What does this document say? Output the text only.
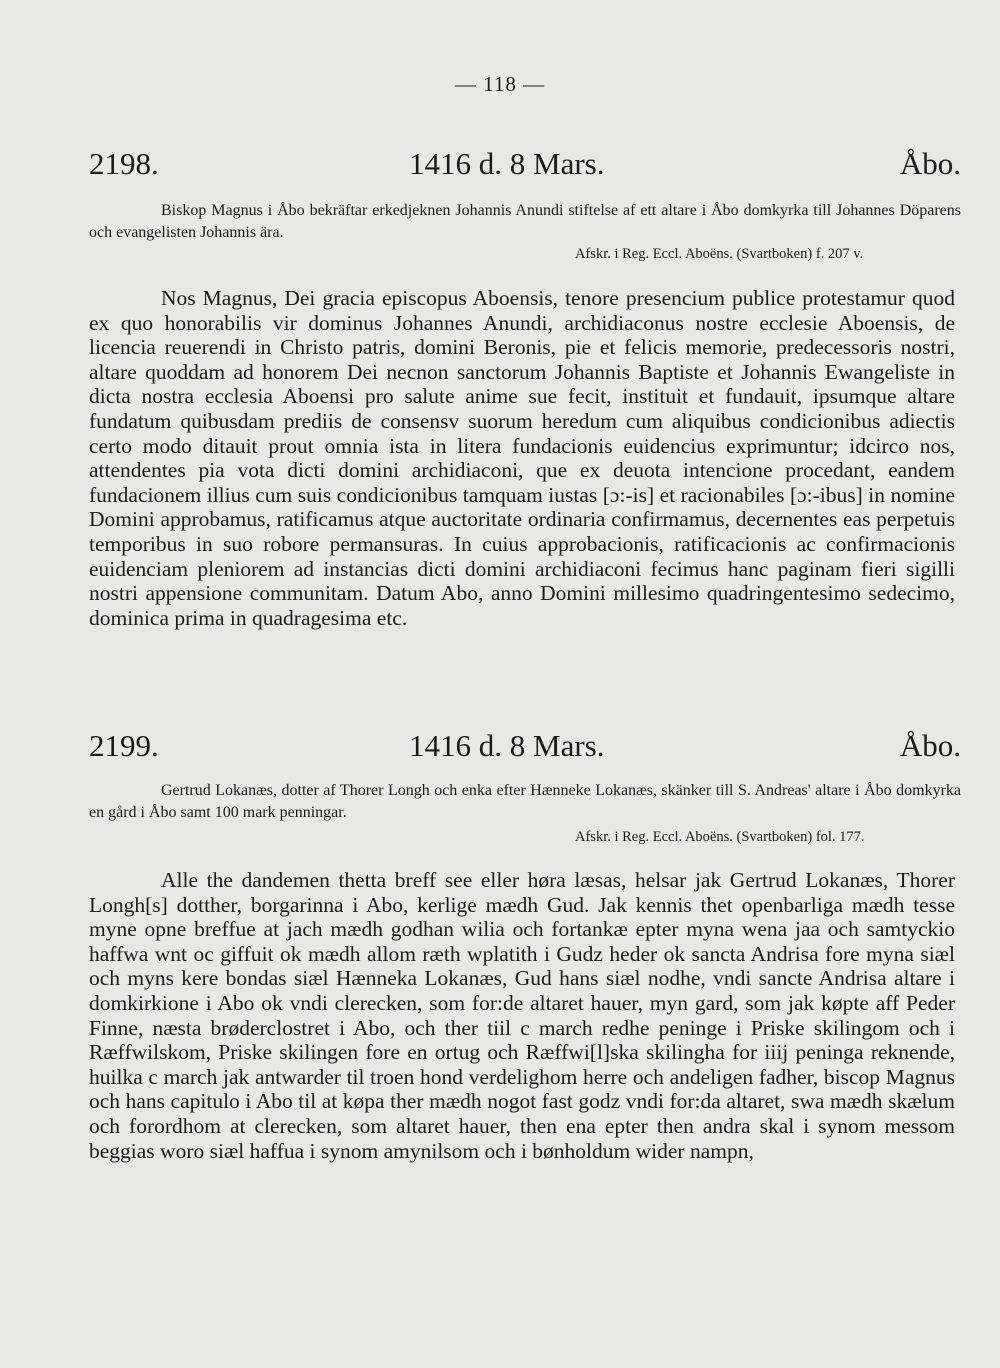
— 118 —
2198.	1416 d. 8 Mars.	Åbo.

Biskop Magnus i Åbo bekräftar erkedjeknen Johannis Anundi stiftelse af ett altare i Åbo domkyrka till Johannes Döparens och evangelisten Johannis ära.

Afskr. i Reg. Eccl. Aboëns. (Svartboken) f. 207 v.

Nos Magnus, Dei gracia episcopus Aboensis, tenore presencium publice protestamur quod ex quo honorabilis vir dominus Johannes Anundi, archidiaconus nostre ecclesie Aboensis, de licencia reuerendi in Christo patris, domini Beronis, pie et felicis memorie, predecessoris nostri, altare quoddam ad honorem Dei necnon sanctorum Johannis Baptiste et Johannis Ewangeliste in dicta nostra ecclesia Aboensi pro salute anime sue fecit, instituit et fundauit, ipsumque altare fundatum quibusdam prediis de consensv suorum heredum cum aliquibus condicionibus adiectis certo modo ditauit prout omnia ista in litera fundacionis euidencius exprimuntur; idcirco nos, attendentes pia vota dicti domini archidiaconi, que ex deuota intencione procedant, eandem fundacionem illius cum suis condicionibus tamquam iustas [ɔ:-is] et racionabiles [ɔ:-ibus] in nomine Domini approbamus, ratificamus atque auctoritate ordinaria confirmamus, decernentes eas perpetuis temporibus in suo robore permansuras. In cuius approbacionis, ratificacionis ac confirmacionis euidenciam pleniorem ad instancias dicti domini archidiaconi fecimus hanc paginam fieri sigilli nostri appensione communitam. Datum Abo, anno Domini millesimo quadringentesimo sedecimo, dominica prima in quadragesima etc.

2199.	1416 d. 8 Mars.	Åbo.

Gertrud Lokanæs, dotter af Thorer Longh och enka efter Hænneke Lokanæs, skänker till S. Andreas' altare i Åbo domkyrka en gård i Åbo samt 100 mark penningar.

Afskr. i Reg. Eccl. Aboëns. (Svartboken) fol. 177.

Alle the dandemen thetta breff see eller høra læsas, helsar jak Gertrud Lokanæs, Thorer Longh[s] dotther, borgarinna i Abo, kerlige mædh Gud. Jak kennis thet openbarliga mædh tesse myne opne breffue at jach mædh godhan wilia och fortankæ epter myna wena jaa och samtyckio haffwa wnt oc giffuit ok mædh allom ræth wplatith i Gudz heder ok sancta Andrisa fore myna siæl och myns kere bondas siæl Hænneka Lokanæs, Gud hans siæl nodhe, vndi sancte Andrisa altare i domkirkione i Abo ok vndi clerecken, som for:de altaret hauer, myn gard, som jak køpte aff Peder Finne, næsta brøderclostret i Abo, och ther tiil c march redhe peninge i Priske skilingom och i Ræffwilskom, Priske skilingen fore en ortug och Ræffwi[l]ska skilingha for iiij peninga reknende, huilka c march jak antwarder til troen hond verdelighom herre och andeligen fadher, biscop Magnus och hans capitulo i Abo til at køpa ther mædh nogot fast godz vndi for:da altaret, swa mædh skælum och forordhom at clerecken, som altaret hauer, then ena epter then andra skal i synom messom beggias woro siæl haffua i synom amynilsom och i bønholdum wider nampn,
